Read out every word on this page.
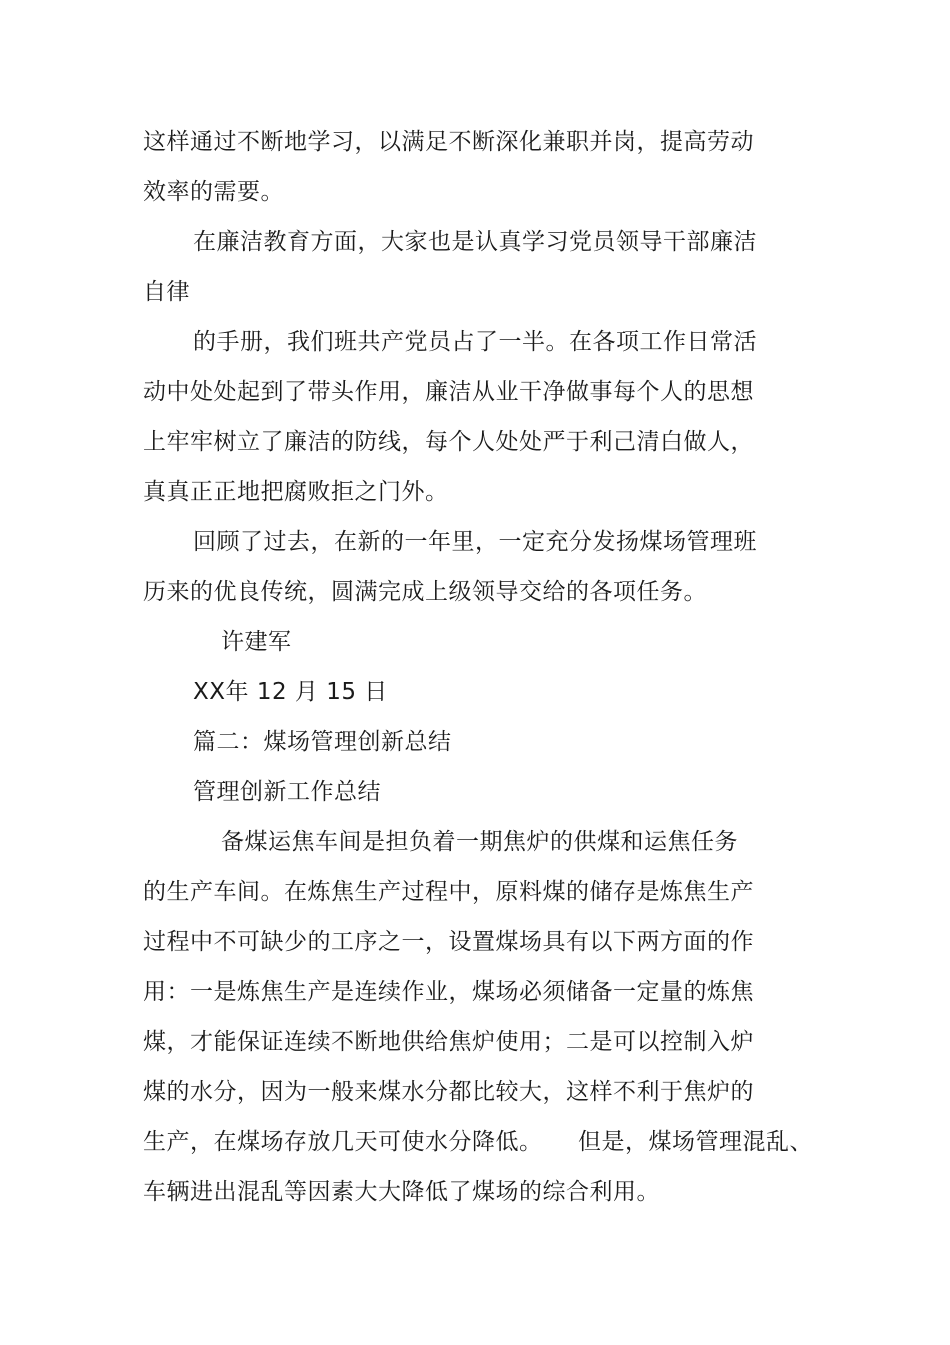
这样通过不断地学习，以满足不断深化兼职并岗，提高劳动
效率的需要。
在廉洁教育方面，大家也是认真学习党员领导干部廉洁
自律
的手册，我们班共产党员占了一半。在各项工作日常活
动中处处起到了带头作用，廉洁从业干净做事每个人的思想
上牢牢树立了廉洁的防线，每个人处处严于利己清白做人，
真真正正地把腐败拒之门外。
回顾了过去，在新的一年里，一定充分发扬煤场管理班
历来的优良传统，圆满完成上级领导交给的各项任务。
许建军
XX年 12 月 15 日
篇二：煤场管理创新总结
管理创新工作总结
备煤运焦车间是担负着一期焦炉的供煤和运焦任务
的生产车间。在炼焦生产过程中，原料煤的储存是炼焦生产
过程中不可缺少的工序之一，设置煤场具有以下两方面的作
用：一是炼焦生产是连续作业，煤场必须储备一定量的炼焦
煤，才能保证连续不断地供给焦炉使用；二是可以控制入炉
煤的水分，因为一般来煤水分都比较大，这样不利于焦炉的
生产，在煤场存放几天可使水分降低。　　但是，煤场管理混乱、
车辆进出混乱等因素大大降低了煤场的综合利用。
